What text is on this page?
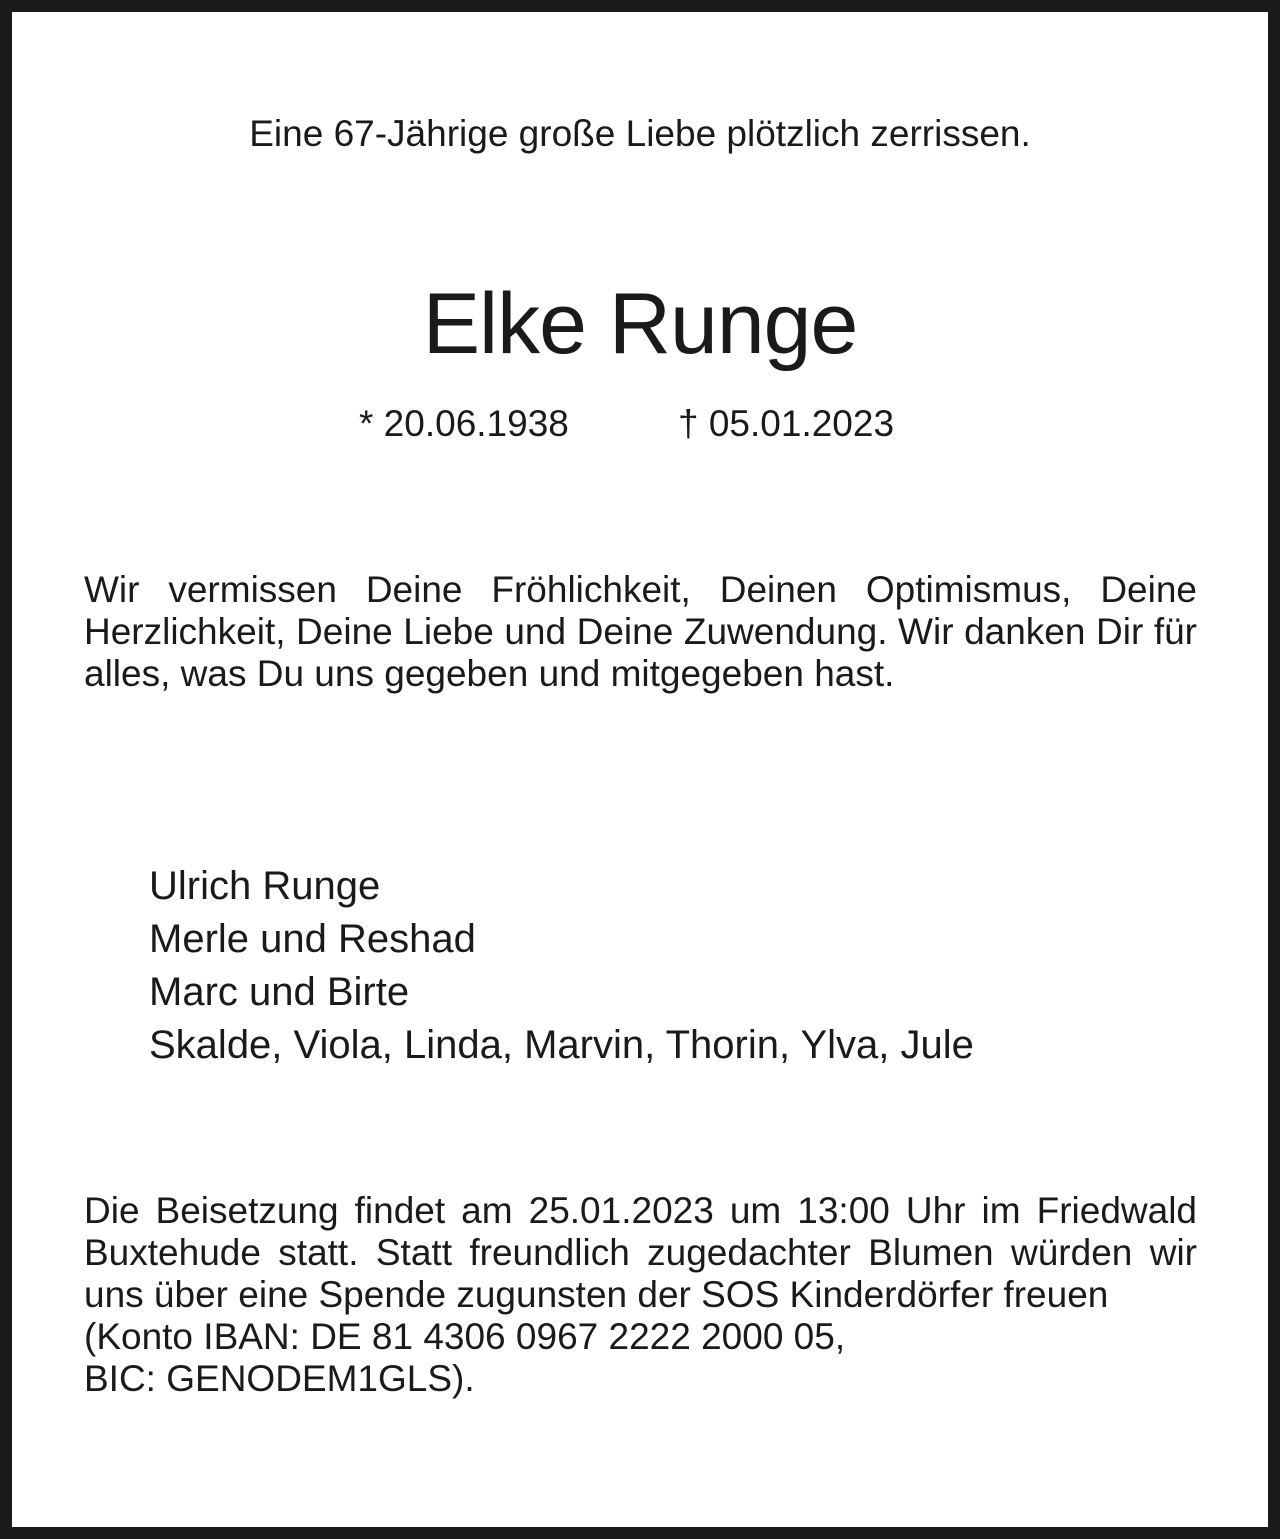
Eine 67-Jährige große Liebe plötzlich zerrissen.

Elke Runge
* 20.06.1938	† 05.01.2023

Wir vermissen Deine Fröhlichkeit, Deinen Optimismus, Deine Herzlichkeit, Deine Liebe und Deine Zuwendung. Wir danken Dir für alles, was Du uns gegeben und mitgegeben hast.

Ulrich Runge
Merle und Reshad
Marc und Birte
Skalde, Viola, Linda, Marvin, Thorin, Ylva, Jule
Die Beisetzung findet am 25.01.2023 um 13:00 Uhr im Friedwald Buxtehude statt. Statt freundlich zugedachter Blumen würden wir uns über eine Spende zugunsten der SOS Kinderdörfer freuen
(Konto IBAN: DE 81 4306 0967 2222 2000 05,
BIC: GENODEM1GLS).
